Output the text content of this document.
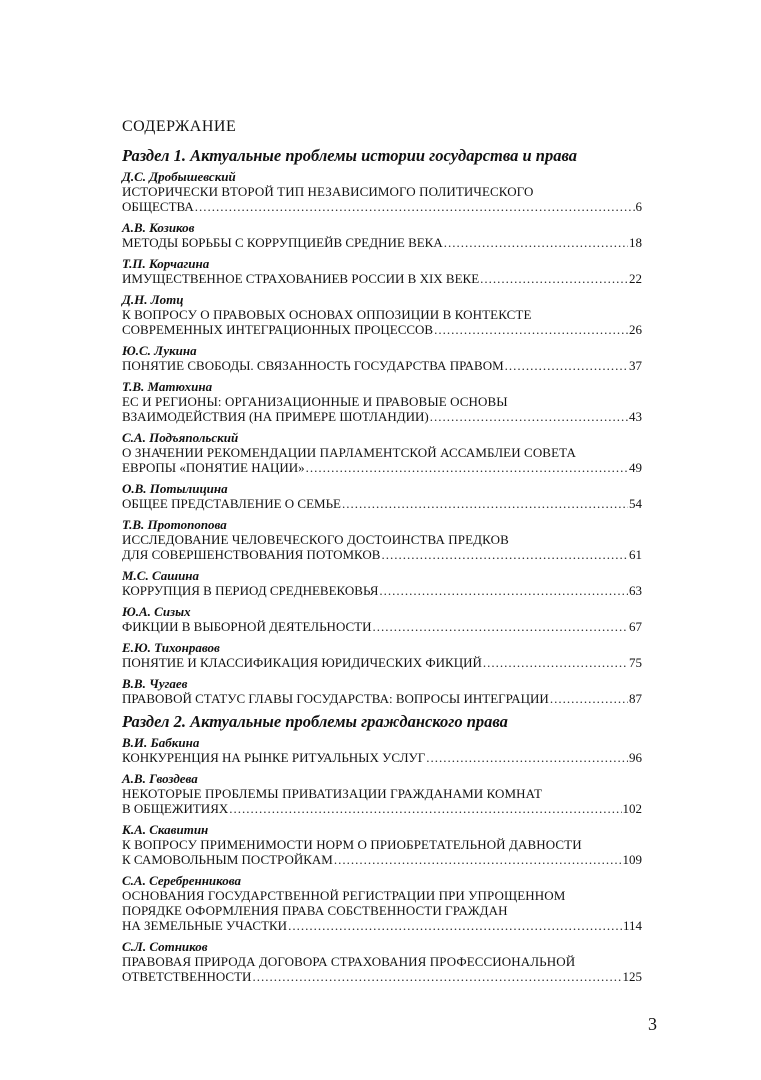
СОДЕРЖАНИЕ
Раздел 1. Актуальные проблемы истории государства и права
Д.С. Дробышевский
ИСТОРИЧЕСКИ ВТОРОЙ ТИП НЕЗАВИСИМОГО ПОЛИТИЧЕСКОГО
ОБЩЕСТВА .....	6
А.В. Козиков
МЕТОДЫ БОРЬБЫ С КОРРУПЦИЕЙВ СРЕДНИЕ ВЕКА .....	18
Т.П. Корчагина
ИМУЩЕСТВЕННОЕ СТРАХОВАНИЕВ РОССИИ В XIX ВЕКЕ .....	22
Д.Н. Лотц
К ВОПРОСУ О ПРАВОВЫХ ОСНОВАХ ОППОЗИЦИИ В КОНТЕКСТЕ
СОВРЕМЕННЫХ ИНТЕГРАЦИОННЫХ ПРОЦЕССОВ .....	26
Ю.С. Лукина
ПОНЯТИЕ СВОБОДЫ. СВЯЗАННОСТЬ ГОСУДАРСТВА ПРАВОМ .....	37
Т.В. Матюхина
ЕС И РЕГИОНЫ: ОРГАНИЗАЦИОННЫЕ И ПРАВОВЫЕ ОСНОВЫ
ВЗАИМОДЕЙСТВИЯ (НА ПРИМЕРЕ ШОТЛАНДИИ) .....	43
С.А. Подъяпольский
О ЗНАЧЕНИИ РЕКОМЕНДАЦИИ ПАРЛАМЕНТСКОЙ АССАМБЛЕИ СОВЕТА
ЕВРОПЫ «ПОНЯТИЕ НАЦИИ» .....	49
О.В. Потылицина
ОБЩЕЕ ПРЕДСТАВЛЕНИЕ О СЕМЬЕ .....	54
Т.В. Протопопова
ИССЛЕДОВАНИЕ ЧЕЛОВЕЧЕСКОГО ДОСТОИНСТВА ПРЕДКОВ
ДЛЯ СОВЕРШЕНСТВОВАНИЯ ПОТОМКОВ .....	61
М.С. Сашина
КОРРУПЦИЯ В ПЕРИОД СРЕДНЕВЕКОВЬЯ .....	63
Ю.А. Сизых
ФИКЦИИ В ВЫБОРНОЙ ДЕЯТЕЛЬНОСТИ .....	67
Е.Ю. Тихонравов
ПОНЯТИЕ И КЛАССИФИКАЦИЯ ЮРИДИЧЕСКИХ ФИКЦИЙ .....	75
В.В. Чугаев
ПРАВОВОЙ СТАТУС ГЛАВЫ ГОСУДАРСТВА: ВОПРОСЫ ИНТЕГРАЦИИ .....	87
Раздел 2. Актуальные проблемы гражданского права
В.И. Бабкина
КОНКУРЕНЦИЯ НА РЫНКЕ РИТУАЛЬНЫХ УСЛУГ .....	96
А.В. Гвоздева
НЕКОТОРЫЕ ПРОБЛЕМЫ ПРИВАТИЗАЦИИ ГРАЖДАНАМИ КОМНАТ
В ОБЩЕЖИТИЯХ .....	102
К.А. Скавитин
К ВОПРОСУ ПРИМЕНИМОСТИ НОРМ О ПРИОБРЕТАТЕЛЬНОЙ ДАВНОСТИ
К САМОВОЛЬНЫМ ПОСТРОЙКАМ .....	109
С.А. Серебренникова
ОСНОВАНИЯ ГОСУДАРСТВЕННОЙ РЕГИСТРАЦИИ ПРИ УПРОЩЕННОМ
ПОРЯДКЕ ОФОРМЛЕНИЯ ПРАВА СОБСТВЕННОСТИ ГРАЖДАН
НА ЗЕМЕЛЬНЫЕ УЧАСТКИ .....	114
С.Л. Сотников
ПРАВОВАЯ ПРИРОДА ДОГОВОРА СТРАХОВАНИЯ ПРОФЕССИОНАЛЬНОЙ
ОТВЕТСТВЕННОСТИ .....	125
3
